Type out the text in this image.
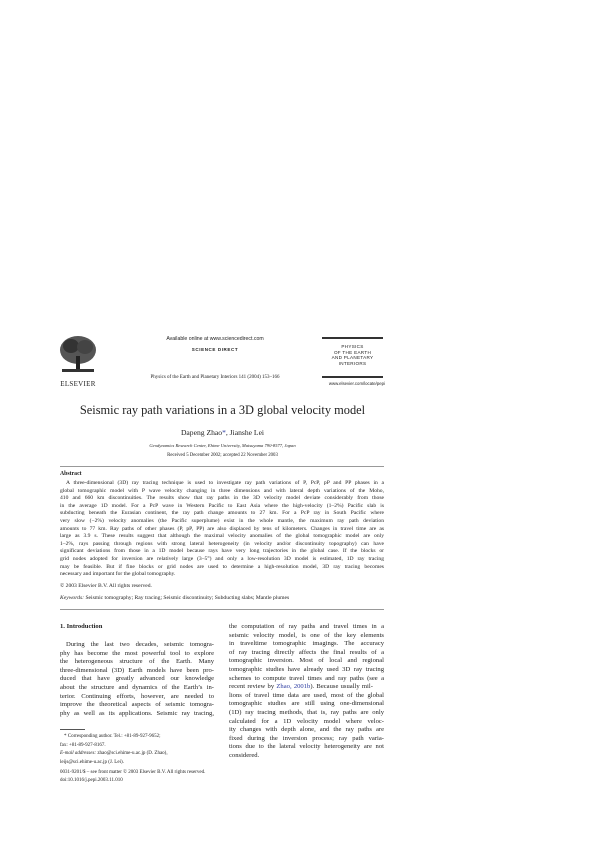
ELSEVIER
Available online at www.sciencedirect.com
SCIENCE DIRECT
Physics of the Earth and Planetary Interiors 141 (2004) 153–166
PHYSICS
OF THE EARTH
AND PLANETARY
INTERIORS
www.elsevier.com/locate/pepi
Seismic ray path variations in a 3D global velocity model
Dapeng Zhao*, Jianshe Lei
Geodynamics Research Center, Ehime University, Matsuyama 790-8577, Japan
Received 5 December 2002; accepted 22 November 2003
Abstract
A three-dimensional (3D) ray tracing technique is used to investigate ray path variations of P, PcP, pP and PP phases in a
global tomographic model with P wave velocity changing in three dimensions and with lateral depth variations of the Moho,
410 and 660 km discontinuities. The results show that ray paths in the 3D velocity model deviate considerably from those
in the average 1D model. For a PcP wave in Western Pacific to East Asia where the high-velocity (1–2%) Pacific slab is
subducting beneath the Eurasian continent, the ray path change amounts to 27 km. For a PcP ray in South Pacific where
very slow (−2%) velocity anomalies (the Pacific superplume) exist in the whole mantle, the maximum ray path deviation
amounts to 77 km. Ray paths of other phases (P, pP, PP) are also displaced by tens of kilometers. Changes in travel time are as
large as 3.9 s. These results suggest that although the maximal velocity anomalies of the global tomographic model are only
1–2%, rays passing through regions with strong lateral heterogeneity (in velocity and/or discontinuity topography) can have
significant deviations from those in a 1D model because rays have very long trajectories in the global case. If the blocks or
grid nodes adopted for inversion are relatively large (3–5°) and only a low-resolution 3D model is estimated, 1D ray tracing
may be feasible. But if fine blocks or grid nodes are used to determine a high-resolution model, 3D ray tracing becomes
necessary and important for the global tomography.
© 2003 Elsevier B.V. All rights reserved.
Keywords: Seismic tomography; Ray tracing; Seismic discontinuity; Subducting slabs; Mantle plumes
1. Introduction
During the last two decades, seismic tomogra-
phy has become the most powerful tool to explore
the heterogeneous structure of the Earth. Many
three-dimensional (3D) Earth models have been pro-
duced that have greatly advanced our knowledge
about the structure and dynamics of the Earth’s in-
terior. Continuing efforts, however, are needed to
improve the theoretical aspects of seismic tomogra-
phy as well as its applications. Seismic ray tracing,
the computation of ray paths and travel times in a
seismic velocity model, is one of the key elements
in traveltime tomographic imagings. The accuracy
of ray tracing directly affects the final results of a
tomographic inversion. Most of local and regional
tomographic studies have already used 3D ray tracing
schemes to compute travel times and ray paths (see a
recent review by Zhao, 2001b). Because usually mil-
lions of travel time data are used, most of the global
tomographic studies are still using one-dimensional
(1D) ray tracing methods, that is, ray paths are only
calculated for a 1D velocity model where veloc-
ity changes with depth alone, and the ray paths are
fixed during the inversion process; ray path varia-
tions due to the lateral velocity heterogeneity are not
considered.
* Corresponding author. Tel.: +81-89-927-9652;
fax: +81-89-927-8167.
E-mail addresses: zhao@sci.ehime-u.ac.jp (D. Zhao),
leijs@sci.ehime-u.ac.jp (J. Lei).
0031-9201/$ – see front matter © 2003 Elsevier B.V. All rights reserved.
doi:10.1016/j.pepi.2003.11.010
